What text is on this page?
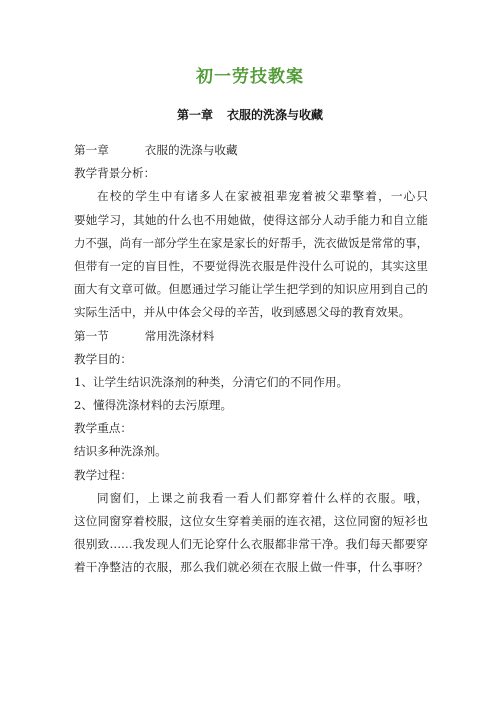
初一劳技教案
第一章 衣服的洗涤与收藏
第一章	衣服的洗涤与收藏
教学背景分析：
在校的学生中有诸多人在家被祖辈宠着被父辈擎着，一心只
要她学习，其她的什么也不用她做，使得这部分人动手能力和自立能
力不强，尚有一部分学生在家是家长的好帮手，洗衣做饭是常常的事，
但带有一定的盲目性，不要觉得洗衣服是件没什么可说的，其实这里
面大有文章可做。但愿通过学习能让学生把学到的知识应用到自己的
实际生活中，并从中体会父母的辛苦，收到感恩父母的教育效果。
第一节	常用洗涤材料
教学目的：
1、让学生结识洗涤剂的种类，分清它们的不同作用。
2、懂得洗涤材料的去污原理。
教学重点：
结识多种洗涤剂。
教学过程：
同窗们，上课之前我看一看人们都穿着什么样的衣服。哦，
这位同窗穿着校服，这位女生穿着美丽的连衣裙，这位同窗的短衫也
很别致……我发现人们无论穿什么衣服都非常干净。我们每天都要穿
着干净整洁的衣服，那么我们就必须在衣服上做一件事，什么事呀？
